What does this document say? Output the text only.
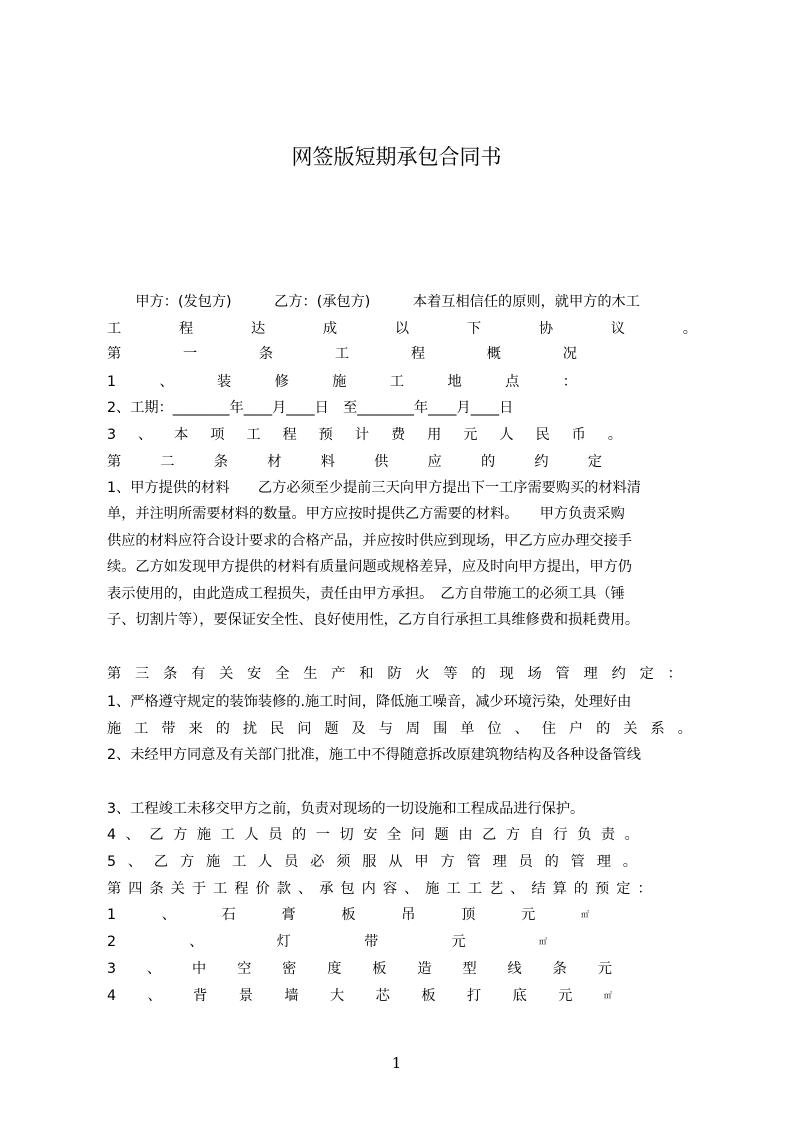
网签版短期承包合同书
　　甲方：(发包方)　　　乙方：(承包方)　　　本着互相信任的原则，就甲方的木工
工	程	达	成	以	下	协	议	。
第	一	条	工	程	概	况
1	、	装	修	施	工	地	点	：
2、工期：________年____月____日　至________年____月____日
3 、 本 项 工 程 预 计 费 用 元 人 民 币 。
第	二	条	材	料	供	应	的	约	定
1、甲方提供的材料　　乙方必须至少提前三天向甲方提出下一工序需要购买的材料清
单，并注明所需要材料的数量。甲方应按时提供乙方需要的材料。　　甲方负责采购
供应的材料应符合设计要求的合格产品，并应按时供应到现场，甲乙方应办理交接手
续。乙方如发现甲方提供的材料有质量问题或规格差异，应及时向甲方提出，甲方仍
表示使用的，由此造成工程损失，责任由甲方承担。　乙方自带施工的必须工具（锤
子、切割片等），要保证安全性、良好使用性，乙方自行承担工具维修费和损耗费用。
第 三 条 有 关 安 全 生 产 和 防 火 等 的 现 场 管 理 约 定 ：
1、严格遵守规定的装饰装修的.施工时间，降低施工噪音，减少环境污染，处理好由
施 工 带 来 的 扰 民 问 题 及 与 周 围 单 位 、 住 户 的 关 系 。
2、未经甲方同意及有关部门批准，施工中不得随意拆改原建筑物结构及各种设备管线
3、工程竣工未移交甲方之前，负责对现场的一切设施和工程成品进行保护。
4 、 乙 方 施 工 人 员 的 一 切 安 全 问 题 由 乙 方 自 行 负 责 。
5 、 乙 方 施 工 人 员 必 须 服 从 甲 方 管 理 员 的 管 理 。
第 四 条 关 于 工 程 价 款 、 承 包 内 容 、 施 工 工 艺 、 结 算 的 预 定 ：
1	、	石	膏	板	吊	顶	元	㎡
2	、	灯	带	元	㎡
3 、 中 空 密 度 板 造 型 线 条 元
4 、 背 景 墙 大 芯 板 打 底 元	㎡
1
